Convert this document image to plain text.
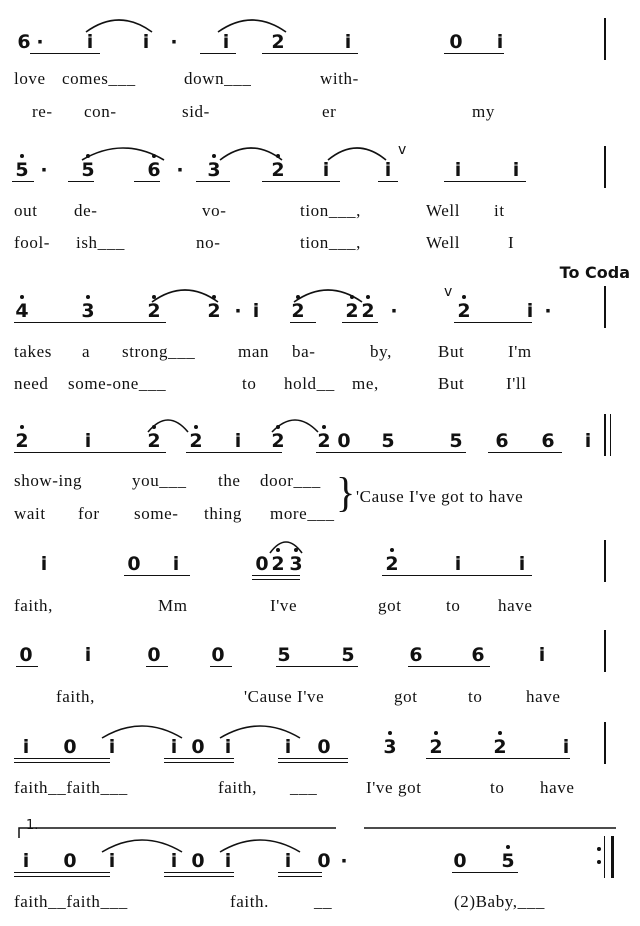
6 · i	i · i 2	i	0 i
love comes___	down___	with-
re- con-	sid-	er	my
5 · 5	6 · 3	2 i	i	i	i
v
out de-	vo-	tion___,	Well it
fool- ish___	no-	tion___,	Well	I
To Coda
4	3	2 2 · i 2 2 2 ·	2	i ·
v
takes a strong___	man ba-	by,	But	I'm
need some-one___	to hold__ me,	But I'll
2	i	2 2 i 2 2 0 5	5 6 6 i
show-ing	you___ the door___
wait for some- thing more___ } 'Cause I've got to have
i	0 i	0 2 3	2	i	i
faith,	Mm	I've	got	to have
0	i	0	0	5	5	6	6	i
faith,	'Cause I've	got	to	have
i 0 i	i 0 i	i 0	3 2	2	i
faith__faith___	faith, ___	I've got	to have
1.
i 0 i	i 0 i	i 0 ·	0 5
faith__faith___	faith.	__	(2)Baby,___
